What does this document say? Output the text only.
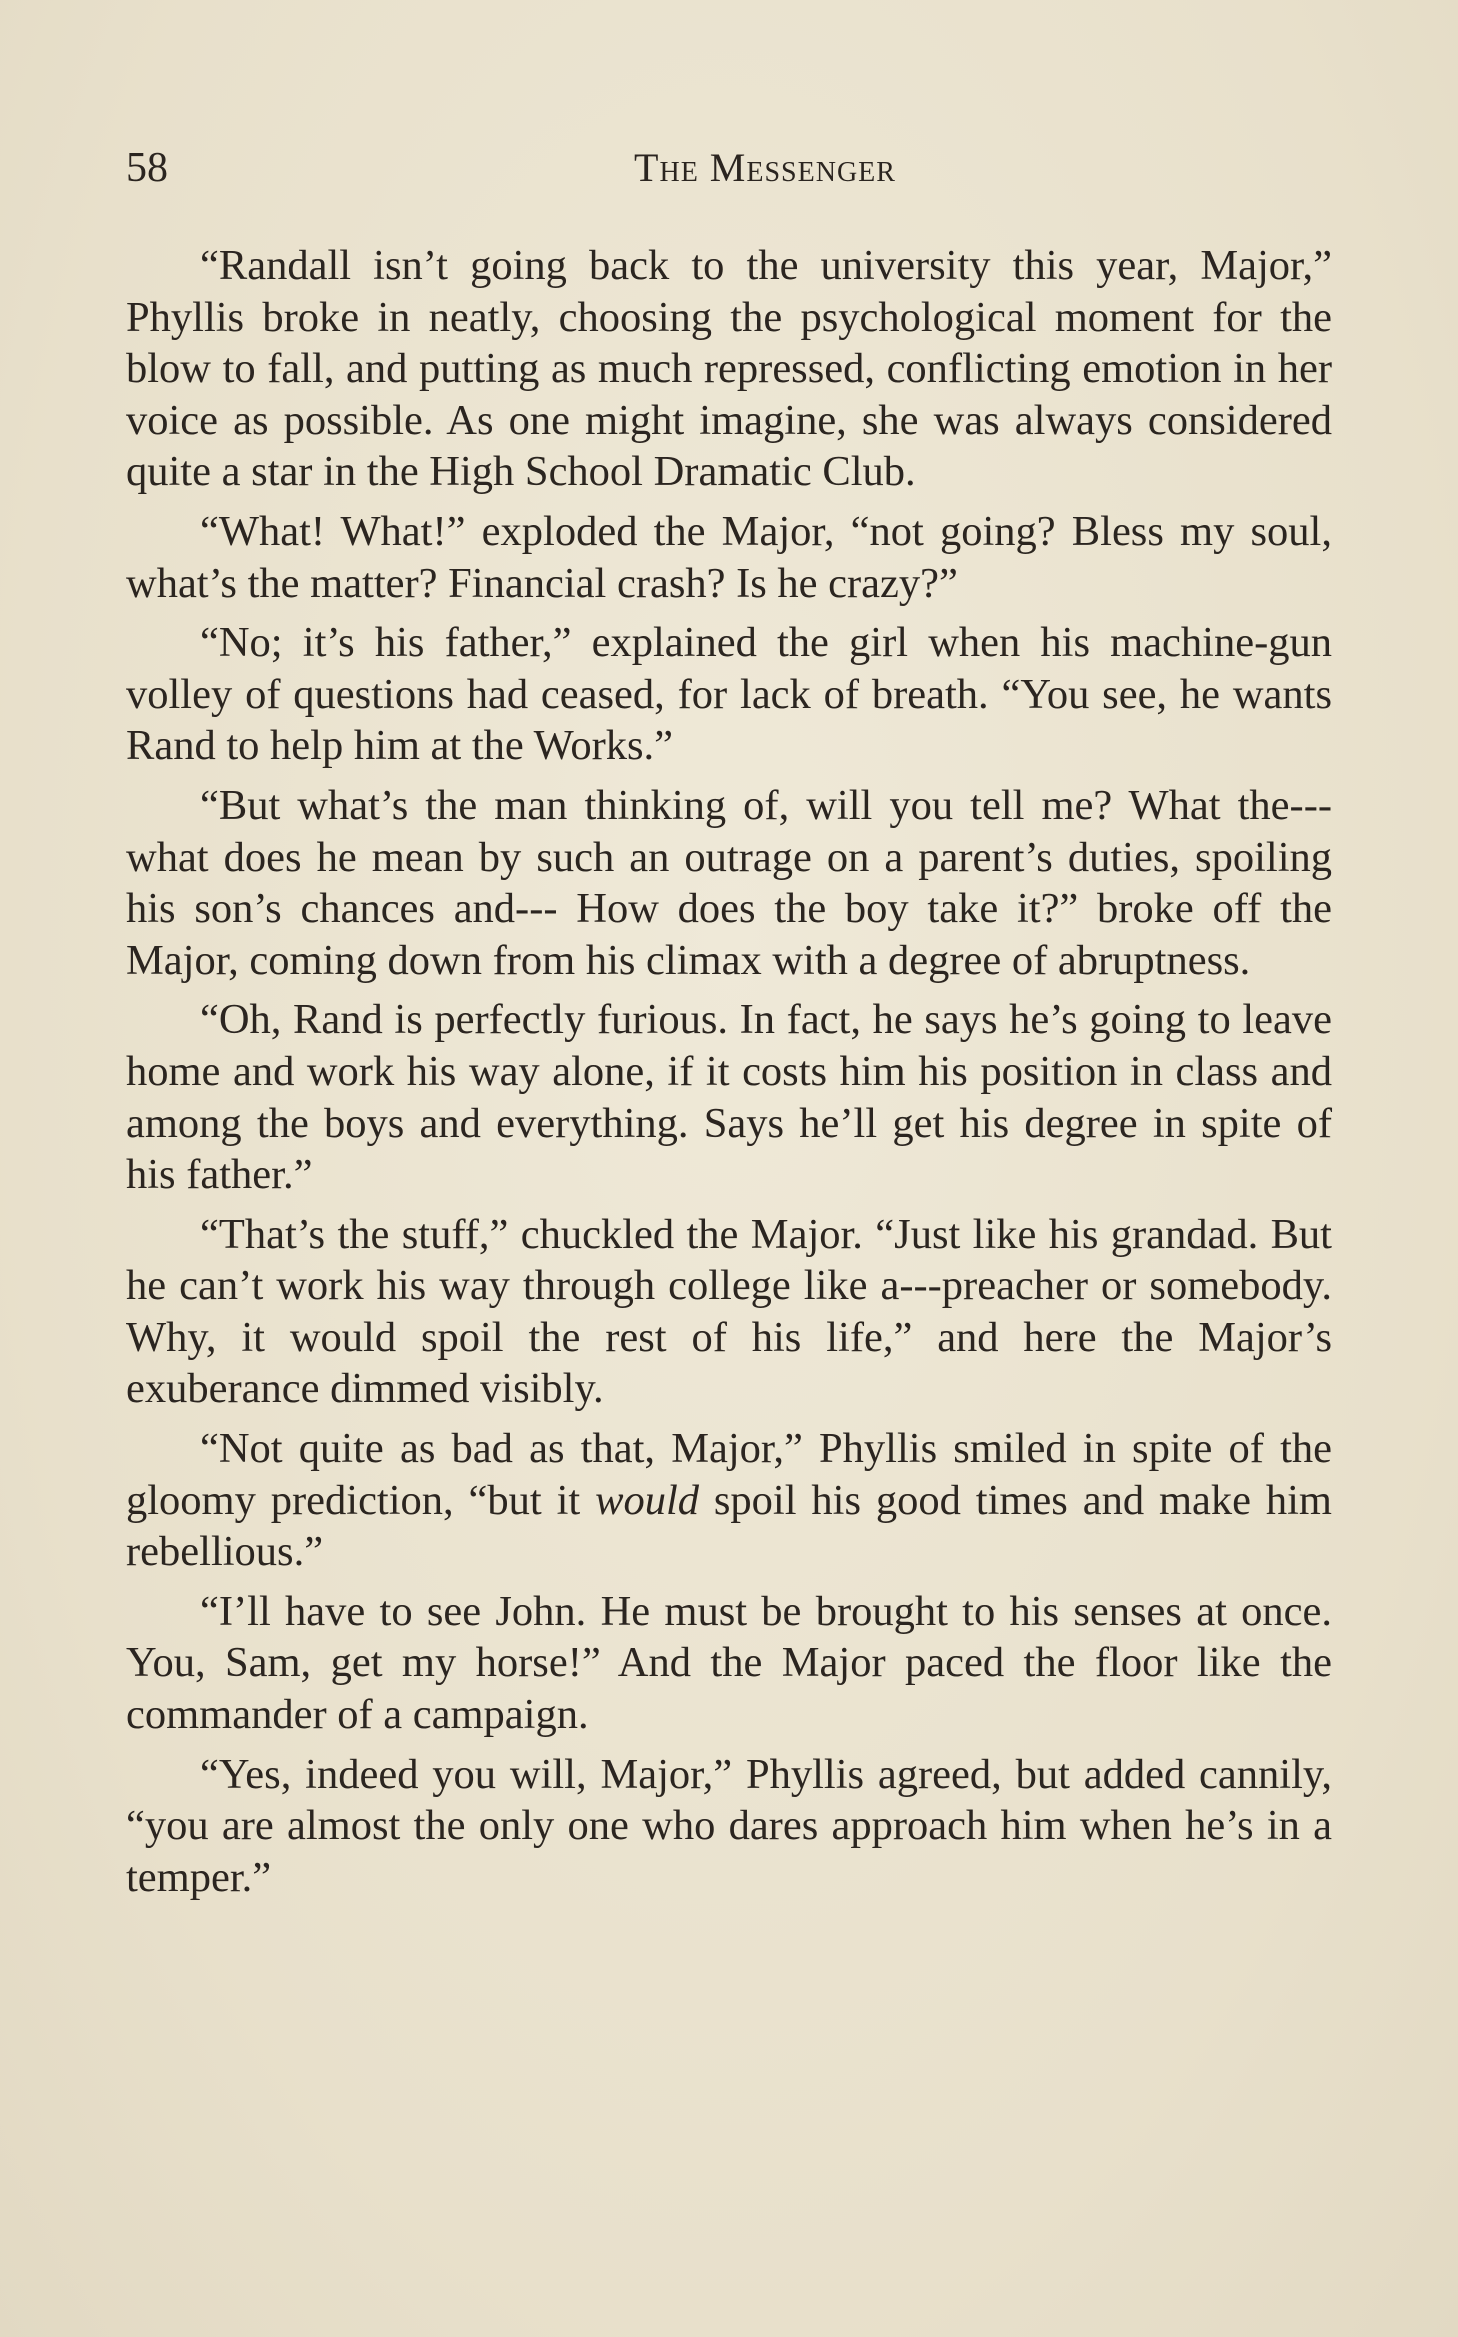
58	The Messenger

“Randall isn’t going back to the university this year, Major,” Phyllis broke in neatly, choosing the psychological moment for the blow to fall, and putting as much repressed, conflicting emotion in her voice as possible. As one might imagine, she was always considered quite a star in the High School Dramatic Club.

“What! What!” exploded the Major, “not going? Bless my soul, what’s the matter? Financial crash? Is he crazy?”

“No; it’s his father,” explained the girl when his machine-gun volley of questions had ceased, for lack of breath. “You see, he wants Rand to help him at the Works.”

“But what’s the man thinking of, will you tell me? What the---what does he mean by such an outrage on a parent’s duties, spoiling his son’s chances and--- How does the boy take it?” broke off the Major, coming down from his climax with a degree of abruptness.

“Oh, Rand is perfectly furious. In fact, he says he’s going to leave home and work his way alone, if it costs him his position in class and among the boys and everything. Says he’ll get his degree in spite of his father.”

“That’s the stuff,” chuckled the Major. “Just like his grandad. But he can’t work his way through college like a---preacher or somebody. Why, it would spoil the rest of his life,” and here the Major’s exuberance dimmed visibly.

“Not quite as bad as that, Major,” Phyllis smiled in spite of the gloomy prediction, “but it would spoil his good times and make him rebellious.”

“I’ll have to see John. He must be brought to his senses at once. You, Sam, get my horse!” And the Major paced the floor like the commander of a campaign.

“Yes, indeed you will, Major,” Phyllis agreed, but added cannily, “you are almost the only one who dares approach him when he’s in a temper.”
